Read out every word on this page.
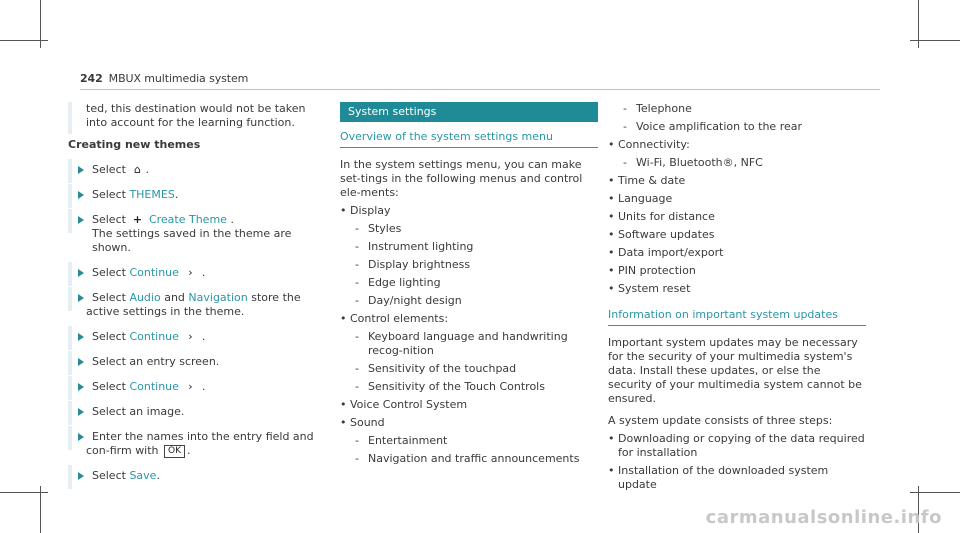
242 MBUX multimedia system

ted, this destination would not be taken into account for the learning function.

Creating new themes

Select ⌂ .
Select THEMES.
Select + Create Theme .

The settings saved in the theme are shown.

Select Continue › .
Select Audio and Navigation store the active settings in the theme.
Select Continue › .
Select an entry screen.
Select Continue › .
Select an image.
Enter the names into the entry field and con-firm with OK .
Select Save.
System settings
Overview of the system settings menu

In the system settings menu, you can make set-tings in the following menus and control ele-ments:

• Display
- Styles
- Instrument lighting
- Display brightness
- Edge lighting
- Day/night design
• Control elements:
- Keyboard language and handwriting recog-nition
- Sensitivity of the touchpad
- Sensitivity of the Touch Controls
• Voice Control System
• Sound
- Entertainment
- Navigation and traffic announcements
- Telephone
- Voice amplification to the rear
• Connectivity:
- Wi-Fi, Bluetooth®, NFC
• Time & date
• Language
• Units for distance
• Software updates
• Data import/export
• PIN protection
• System reset
Information on important system updates

Important system updates may be necessary for the security of your multimedia system's data. Install these updates, or else the security of your multimedia system cannot be ensured.

A system update consists of three steps:

• Downloading or copying of the data required for installation
• Installation of the downloaded system update
carmanualsonline.info
